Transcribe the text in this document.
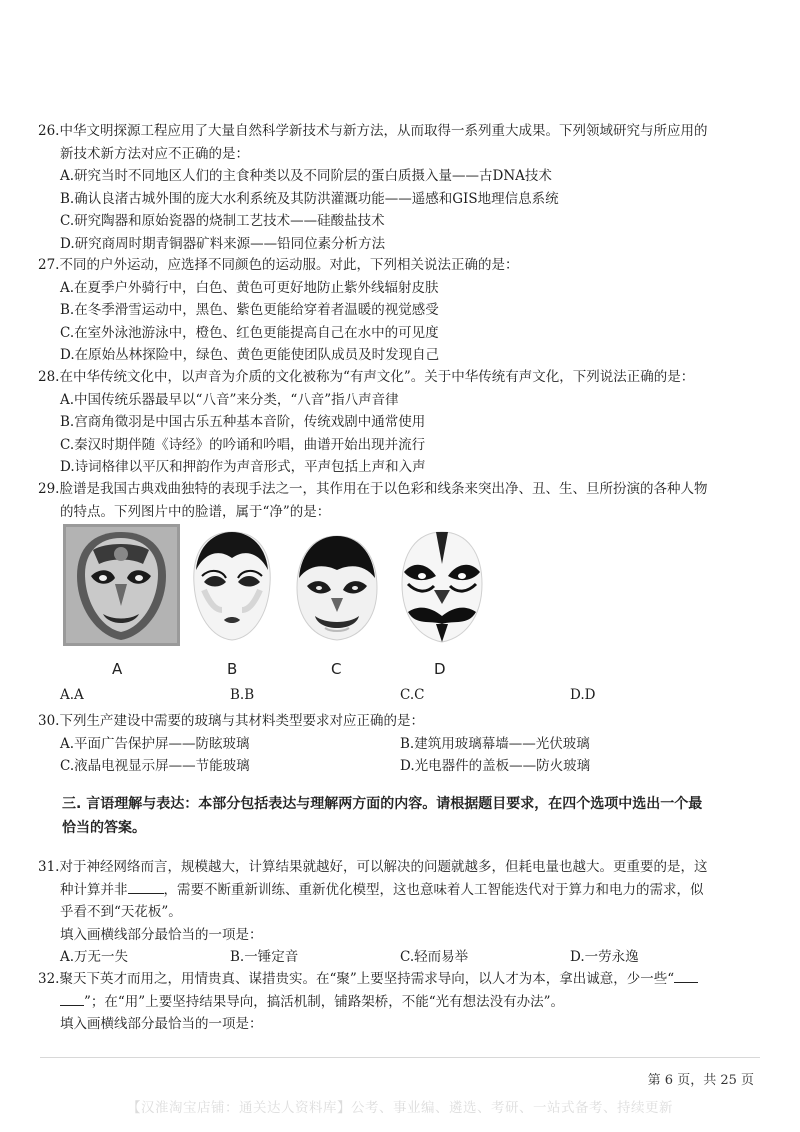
26.中华文明探源工程应用了大量自然科学新技术与新方法，从而取得一系列重大成果。下列领域研究与所应用的
新技术新方法对应不正确的是：
A.研究当时不同地区人们的主食种类以及不同阶层的蛋白质摄入量——古DNA技术
B.确认良渚古城外围的庞大水利系统及其防洪灌溉功能——遥感和GIS地理信息系统
C.研究陶器和原始瓷器的烧制工艺技术——硅酸盐技术
D.研究商周时期青铜器矿料来源——铅同位素分析方法
27.不同的户外运动，应选择不同颜色的运动服。对此，下列相关说法正确的是：
A.在夏季户外骑行中，白色、黄色可更好地防止紫外线辐射皮肤
B.在冬季滑雪运动中，黑色、紫色更能给穿着者温暖的视觉感受
C.在室外泳池游泳中，橙色、红色更能提高自己在水中的可见度
D.在原始丛林探险中，绿色、黄色更能使团队成员及时发现自己
28.在中华传统文化中，以声音为介质的文化被称为“有声文化”。关于中华传统有声文化，下列说法正确的是：
A.中国传统乐器最早以“八音”来分类，“八音”指八声音律
B.宫商角徵羽是中国古乐五种基本音阶，传统戏剧中通常使用
C.秦汉时期伴随《诗经》的吟诵和吟唱，曲谱开始出现并流行
D.诗词格律以平仄和押韵作为声音形式，平声包括上声和入声
29.脸谱是我国古典戏曲独特的表现手法之一，其作用在于以色彩和线条来突出净、丑、生、旦所扮演的各种人物
的特点。下列图片中的脸谱，属于“净”的是：
A	B	C	D
A.A	B.B	C.C	D.D
30.下列生产建设中需要的玻璃与其材料类型要求对应正确的是：
A.平面广告保护屏——防眩玻璃	B.建筑用玻璃幕墙——光伏玻璃
C.液晶电视显示屏——节能玻璃	D.光电器件的盖板——防火玻璃
三. 言语理解与表达：本部分包括表达与理解两方面的内容。请根据题目要求，在四个选项中选出一个最
恰当的答案。
31.对于神经网络而言，规模越大，计算结果就越好，可以解决的问题就越多，但耗电量也越大。更重要的是，这
种计算并非	，需要不断重新训练、重新优化模型，这也意味着人工智能迭代对于算力和电力的需求，似
乎看不到“天花板”。
填入画横线部分最恰当的一项是：
A.万无一失	B.一锤定音	C.轻而易举	D.一劳永逸
32.聚天下英才而用之，用情贵真、谋措贵实。在“聚”上要坚持需求导向，以人才为本，拿出诚意，少一些“
”；在“用”上要坚持结果导向，搞活机制，铺路架桥，不能“光有想法没有办法”。
填入画横线部分最恰当的一项是：
第 6 页，共 25 页
【汉淮淘宝店铺：通关达人资料库】公考、事业编、遴选、考研、一站式备考、持续更新
